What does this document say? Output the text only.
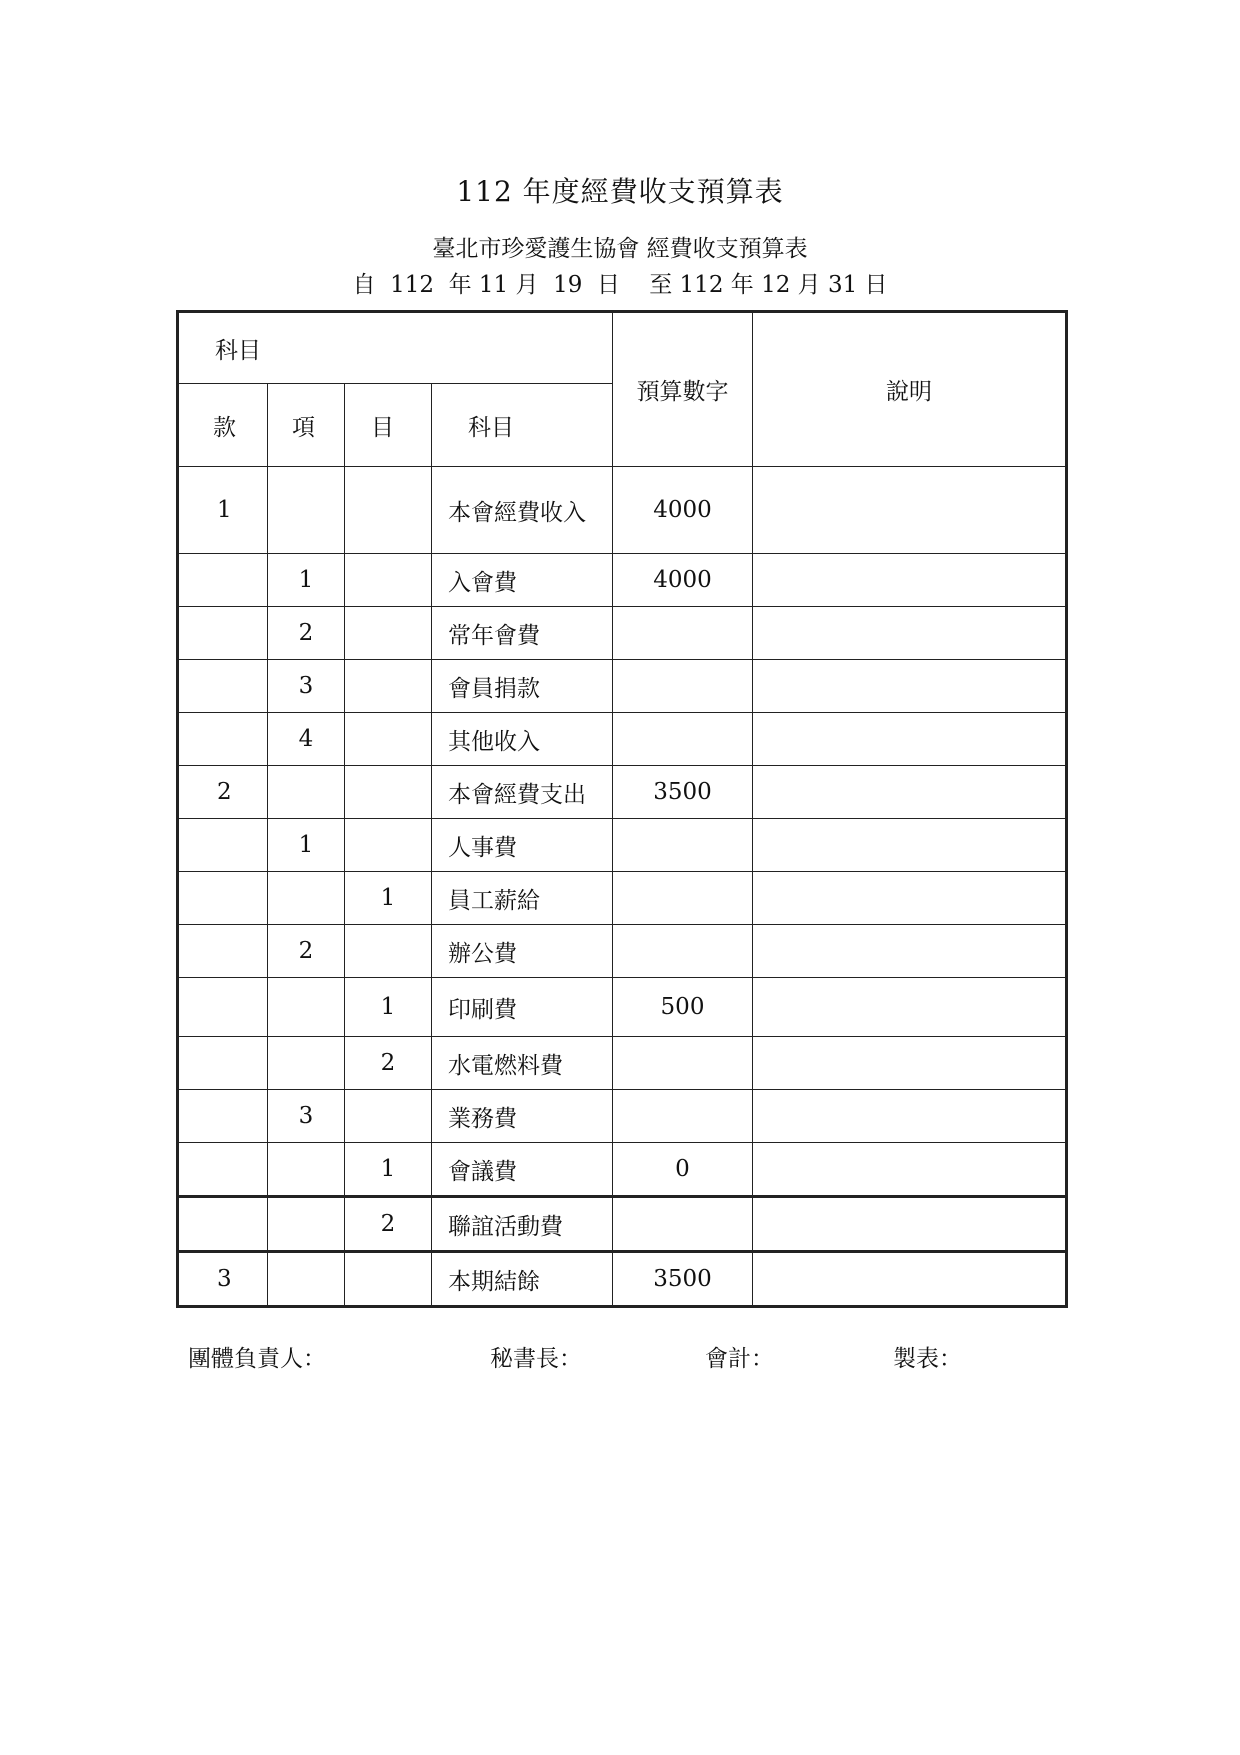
112 年度經費收支預算表
臺北市珍愛護生協會 經費收支預算表
自  112  年 11 月  19  日    至 112 年 12 月 31 日
科目				預算數字	說明
款	項	目	科目		
1			本會經費收入	4000	
	1		入會費	4000	
	2		常年會費		
	3		會員捐款		
	4		其他收入		
2			本會經費支出	3500	
	1		人事費		
		1	員工薪給		
	2		辦公費		
		1	印刷費	500	
		2	水電燃料費		
	3		業務費		
		1	會議費	0	
		2	聯誼活動費		
3			本期結餘	3500	
團體負責人：	秘書長：	會計：	製表：
